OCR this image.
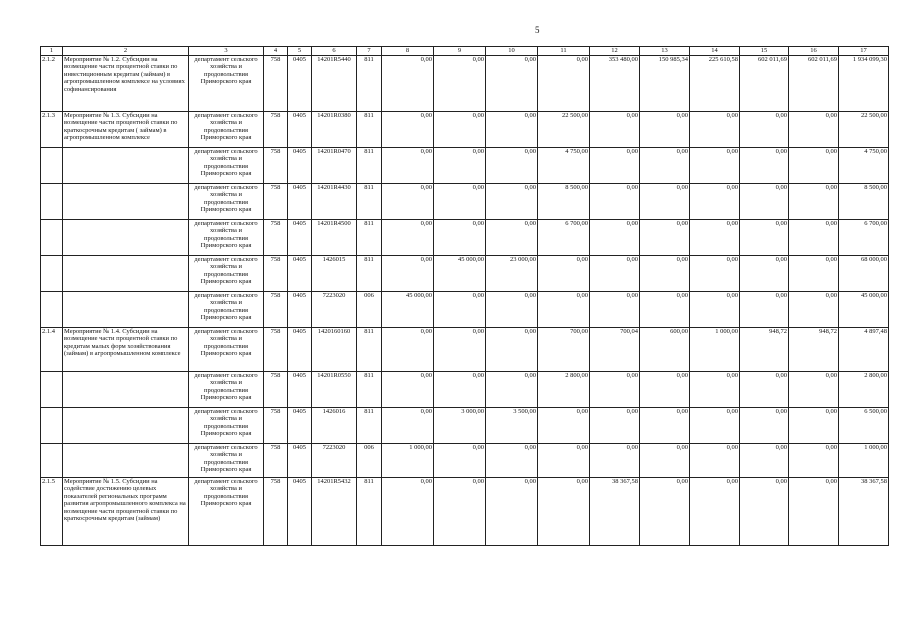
5
1	2	3	4	5	6	7	8	9	10	11	12	13	14	15	16	17
2.1.2	Мероприятие № 1.2. Субсидии на возмещение части процентной ставки по инвестиционным кредитам (займам) в агропромышленном комплексе на условиях софинансирования	департамент сельского хозяйства и продовольствия Приморского края	758	0405	14201R5440	811	0,00	0,00	0,00	0,00	353 480,00	150 985,34	225 610,58	602 011,69	602 011,69	1 934 099,30
2.1.3	Мероприятие № 1.3. Субсидии на возмещение части процентной ставки по краткосрочным кредитам ( займам) в агропромышленном комплексе	департамент сельского хозяйства и продовольствия Приморского края	758	0405	14201R0380	811	0,00	0,00	0,00	22 500,00	0,00	0,00	0,00	0,00	0,00	22 500,00
		департамент сельского хозяйства и продовольствия Приморского края	758	0405	14201R0470	811	0,00	0,00	0,00	4 750,00	0,00	0,00	0,00	0,00	0,00	4 750,00
		департамент сельского хозяйства и продовольствия Приморского края	758	0405	14201R4430	811	0,00	0,00	0,00	8 500,00	0,00	0,00	0,00	0,00	0,00	8 500,00
		департамент сельского хозяйства и продовольствия Приморского края	758	0405	14201R4500	811	0,00	0,00	0,00	6 700,00	0,00	0,00	0,00	0,00	0,00	6 700,00
		департамент сельского хозяйства и продовольствия Приморского края	758	0405	1426015	811	0,00	45 000,00	23 000,00	0,00	0,00	0,00	0,00	0,00	0,00	68 000,00
		департамент сельского хозяйства и продовольствия Приморского края	758	0405	7223020	006	45 000,00	0,00	0,00	0,00	0,00	0,00	0,00	0,00	0,00	45 000,00
2.1.4	Мероприятие № 1.4. Субсидии на возмещение части процентной ставки по кредитам малых форм хозяйствования (займам) в агропромышленном комплексе	департамент сельского хозяйства и продовольствия Приморского края	758	0405	1420160160	811	0,00	0,00	0,00	700,00	700,04	600,00	1 000,00	948,72	948,72	4 897,48
		департамент сельского хозяйства и продовольствия Приморского края	758	0405	14201R0550	811	0,00	0,00	0,00	2 800,00	0,00	0,00	0,00	0,00	0,00	2 800,00
		департамент сельского хозяйства и продовольствия Приморского края	758	0405	1426016	811	0,00	3 000,00	3 500,00	0,00	0,00	0,00	0,00	0,00	0,00	6 500,00
		департамент сельского хозяйства и продовольствия Приморского края	758	0405	7223020	006	1 000,00	0,00	0,00	0,00	0,00	0,00	0,00	0,00	0,00	1 000,00
2.1.5	Мероприятие № 1.5. Субсидии на содействие достижению целевых показателей региональных программ развития агропромышленного комплекса на возмещение части процентной ставки по краткосрочным кредитам (займам)	департамент сельского хозяйства и продовольствия Приморского края	758	0405	14201R5432	811	0,00	0,00	0,00	0,00	38 367,58	0,00	0,00	0,00	0,00	38 367,58
